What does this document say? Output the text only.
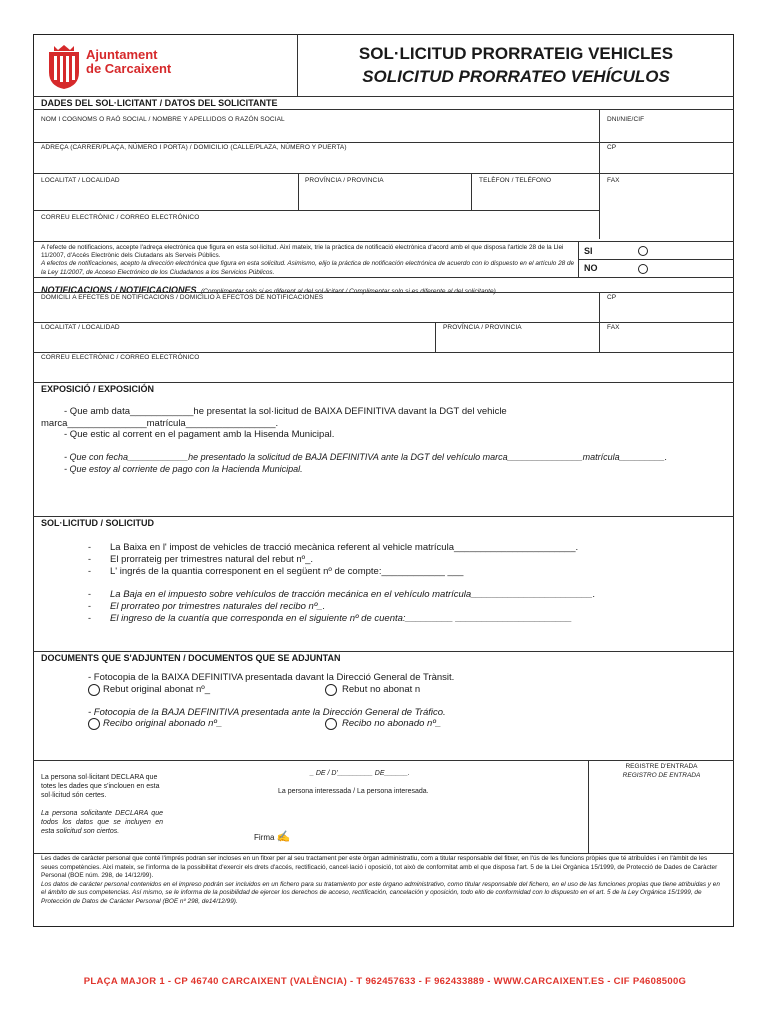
Ajuntament
de Carcaixent
SOL·LICITUD PRORRATEIG VEHICLES
SOLICITUD PRORRATEO VEHÍCULOS
DADES DEL SOL·LICITANT / DATOS DEL SOLICITANTE
NOM I COGNOMS O RAÓ SOCIAL / NOMBRE Y APELLIDOS O RAZÓN SOCIAL	DNI/NIE/CIF
ADREÇA (CARRER/PLAÇA, NÚMERO I PORTA) / DOMICILIO (CALLE/PLAZA, NÚMERO Y PUERTA)	CP
LOCALITAT / LOCALIDAD	PROVÍNCIA / PROVINCIA	TELÈFON / TELÉFONO	FAX
CORREU ELECTRÒNIC / CORREO ELECTRÓNICO
A l'efecte de notificacions, accepte l'adreça electrònica que figura en esta sol·licitud. Així mateix, trie la pràctica de notificació electrònica d'acord amb el que disposa l'article 28 de la Llei 11/2007, d'Accés Electrònic dels Ciutadans als Serveis Públics.
A efectos de notificaciones, acepto la dirección electrónica que figura en esta solicitud. Asimismo, elijo la práctica de notificación electrónica de acuerdo con lo dispuesto en el artículo 28 de la Ley 11/2007, de Acceso Electrónico de los Ciudadanos a los Servicios Públicos.
SI
NO
NOTIFICACIONS / NOTIFICACIONES (Complimentar sols si es diferent al del sol·licitant / Complimentar solo si es diferente al del solicitante)
DOMICILI A EFECTES DE NOTIFICACIONS / DOMICILIO A EFECTOS DE NOTIFICACIONES	CP
LOCALITAT / LOCALIDAD	PROVÍNCIA / PROVINCIA	FAX
CORREU ELECTRÒNIC / CORREO ELECTRÓNICO
EXPOSICIÓ / EXPOSICIÓN
- Que amb data____________he presentat la sol·licitud de BAIXA DEFINITIVA davant la DGT del vehicle
marca_______________matrícula_________________.
- Que estic al corrent en el pagament amb la Hisenda Municipal.
- Que con fecha____________he presentado la solicitud de BAJA DEFINITIVA ante la DGT del vehículo marca_______________matrícula_________.
- Que estoy al corriente de pago con la Hacienda Municipal.
SOL·LICITUD / SOLICITUD
- La Baixa en l' impost de vehicles de tracció mecànica referent al vehicle matrícula_______________________.
- El prorrateig per trimestres natural del rebut nº_.
- L' ingrés de la quantia corresponent en el següent nº de compte:____________ ___
- La Baja en el impuesto sobre vehículos de tracción mecánica en el vehículo matrícula_______________________.
- El prorrateo por trimestres naturales del recibo nº_.
- El ingreso de la cuantía que corresponda en el siguiente nº de cuenta:_________ ______________________
DOCUMENTS QUE S'ADJUNTEN / DOCUMENTOS QUE SE ADJUNTAN
- Fotocopia de la BAIXA DEFINITIVA presentada davant la Direcció General de Trànsit.
Rebut original abonat nº_	Rebut no abonat n
- Fotocopia de la BAJA DEFINITIVA presentada ante la Dirección General de Tráfico.
Recibo original abonado nº_	Recibo no abonado nº_
La persona sol·licitant DECLARA que totes les dades que s'inclouen en esta sol·licitud són certes.
La persona solicitante DECLARA que todos los datos que se incluyen en esta solicitud son ciertos.
_ DE / D'_________ DE______.
La persona interessada / La persona interesada.
Firma ✍
REGISTRE D'ENTRADA
REGISTRO DE ENTRADA
Les dades de caràcter personal que conté l'imprés podran ser incloses en un fitxer per al seu tractament per este òrgan administratiu, com a titular responsable del fitxer, en l'ús de les funcions pròpies que té atribuïdes i en l'àmbit de les seues competències. Així mateix, se l'informa de la possibilitat d'exercir els drets d'accés, rectificació, cancel·lació i oposició, tot això de conformitat amb el que disposa l'art. 5 de la Llei Orgànica 15/1999, de Protecció de Dades de Caràcter Personal (BOE núm. 298, de 14/12/99).
Los datos de carácter personal contenidos en el impreso podrán ser incluidos en un fichero para su tratamiento por este órgano administrativo, como titular responsable del fichero, en el uso de las funciones propias que tiene atribuidas y en el ámbito de sus competencias. Así mismo, se le informa de la posibilidad de ejercer los derechos de acceso, rectificación, cancelación y oposición, todo ello de conformidad con lo dispuesto en el art. 5 de la Ley Orgánica 15/1999, de Protección de Datos de Carácter Personal (BOE nº 298, de14/12/99).
PLAÇA MAJOR 1 - CP 46740 CARCAIXENT (VALÈNCIA) - T 962457633 - F 962433889 - WWW.CARCAIXENT.ES - CIF P4608500G
